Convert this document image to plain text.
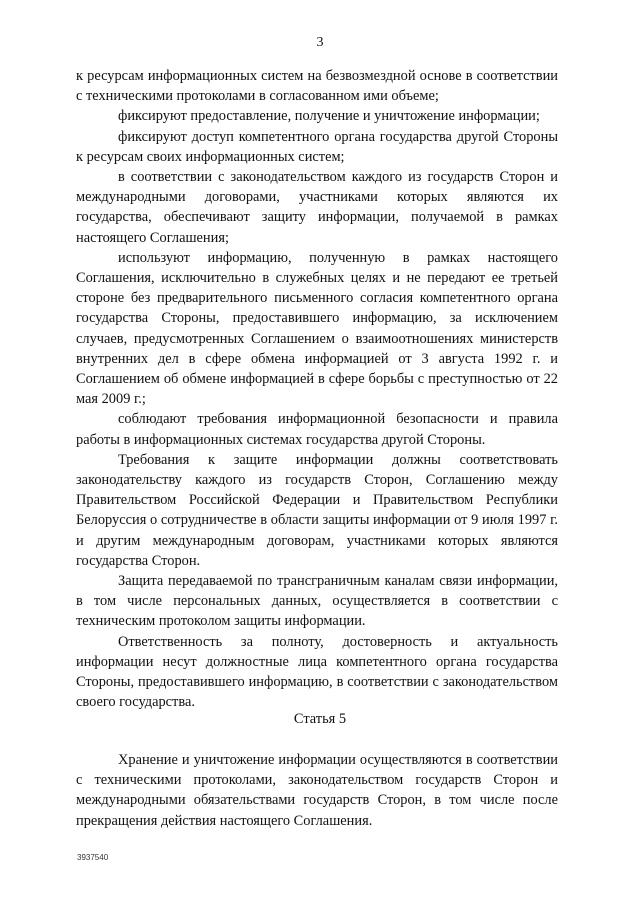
3

к ресурсам информационных систем на безвозмездной основе в соответствии с техническими протоколами в согласованном ими объеме;

фиксируют предоставление, получение и уничтожение информации;

фиксируют доступ компетентного органа государства другой Стороны к ресурсам своих информационных систем;

в соответствии с законодательством каждого из государств Сторон и международными договорами, участниками которых являются их государства, обеспечивают защиту информации, получаемой в рамках настоящего Соглашения;

используют информацию, полученную в рамках настоящего Соглашения, исключительно в служебных целях и не передают ее третьей стороне без предварительного письменного согласия компетентного органа государства Стороны, предоставившего информацию, за исключением случаев, предусмотренных Соглашением о взаимоотношениях министерств внутренних дел в сфере обмена информацией от 3 августа 1992 г. и Соглашением об обмене информацией в сфере борьбы с преступностью от 22 мая 2009 г.;

соблюдают требования информационной безопасности и правила работы в информационных системах государства другой Стороны.

Требования к защите информации должны соответствовать законодательству каждого из государств Сторон, Соглашению между Правительством Российской Федерации и Правительством Республики Белоруссия о сотрудничестве в области защиты информации от 9 июля 1997 г. и другим международным договорам, участниками которых являются государства Сторон.

Защита передаваемой по трансграничным каналам связи информации, в том числе персональных данных, осуществляется в соответствии с техническим протоколом защиты информации.

Ответственность за полноту, достоверность и актуальность информации несут должностные лица компетентного органа государства Стороны, предоставившего информацию, в соответствии с законодательством своего государства.

Статья 5

Хранение и уничтожение информации осуществляются в соответствии с техническими протоколами, законодательством государств Сторон и международными обязательствами государств Сторон, в том числе после прекращения действия настоящего Соглашения.

3937540
